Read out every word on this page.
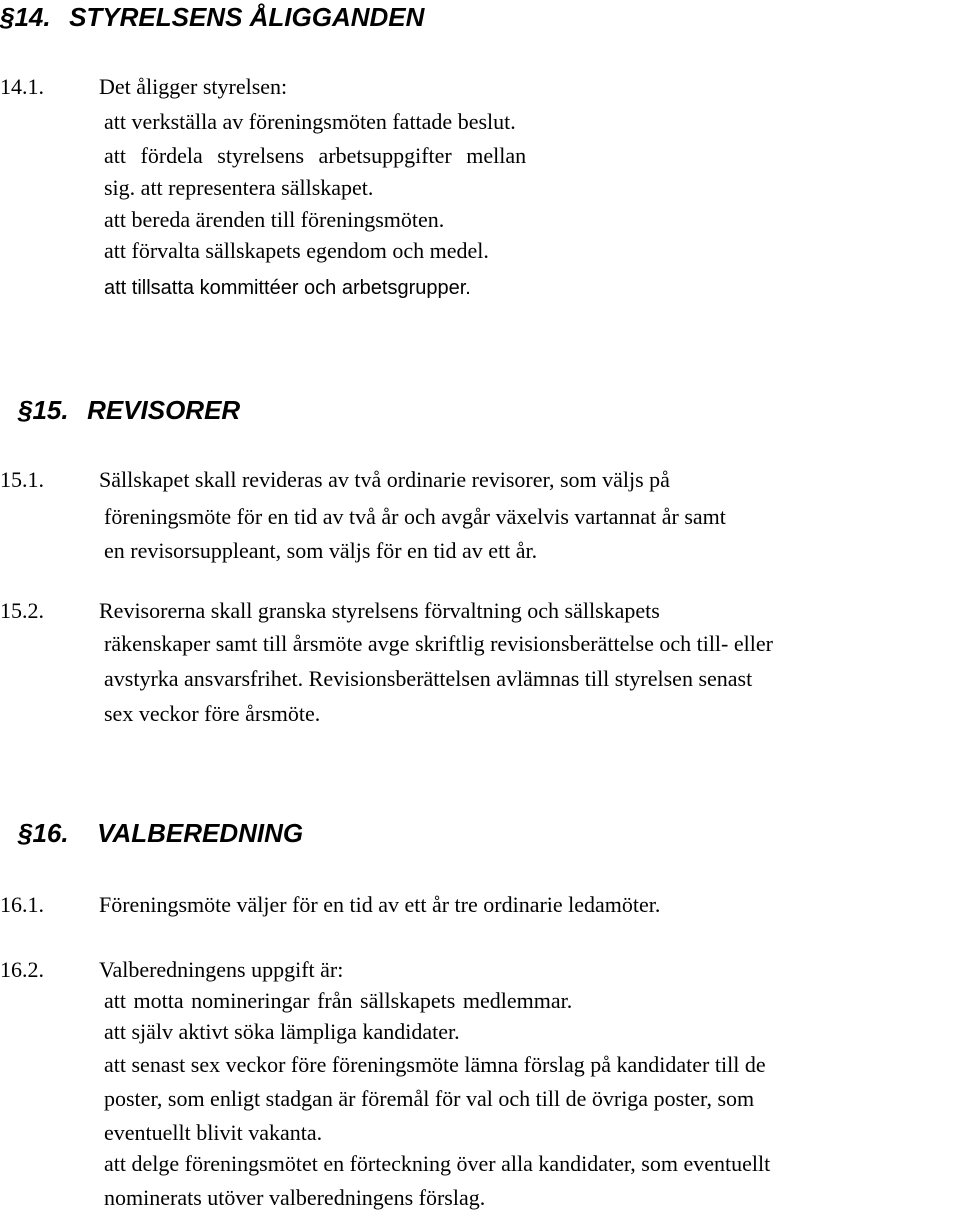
§14. STYRELSENS ÅLIGGANDEN
14.1.	Det åligger styrelsen:
att verkställa av föreningsmöten fattade beslut.
att fördela styrelsens arbetsuppgifter mellan
sig. att representera sällskapet.
att bereda ärenden till föreningsmöten.
att förvalta sällskapets egendom och medel.
att tillsatta kommittéer och arbetsgrupper.
§15. REVISORER
15.1.	Sällskapet skall revideras av två ordinarie revisorer, som väljs på
föreningsmöte för en tid av två år och avgår växelvis vartannat år samt
en revisorsuppleant, som väljs för en tid av ett år.
15.2.	Revisorerna skall granska styrelsens förvaltning och sällskapets
räkenskaper samt till årsmöte avge skriftlig revisionsberättelse och till- eller
avstyrka ansvarsfrihet. Revisionsberättelsen avlämnas till styrelsen senast
sex veckor före årsmöte.
§16. VALBEREDNING
16.1.	Föreningsmöte väljer för en tid av ett år tre ordinarie ledamöter.
16.2.	Valberedningens uppgift är:
att motta nomineringar från sällskapets medlemmar.
att själv aktivt söka lämpliga kandidater.
att senast sex veckor före föreningsmöte lämna förslag på kandidater till de
poster, som enligt stadgan är föremål för val och till de övriga poster, som
eventuellt blivit vakanta.
att delge föreningsmötet en förteckning över alla kandidater, som eventuellt
nominerats utöver valberedningens förslag.
